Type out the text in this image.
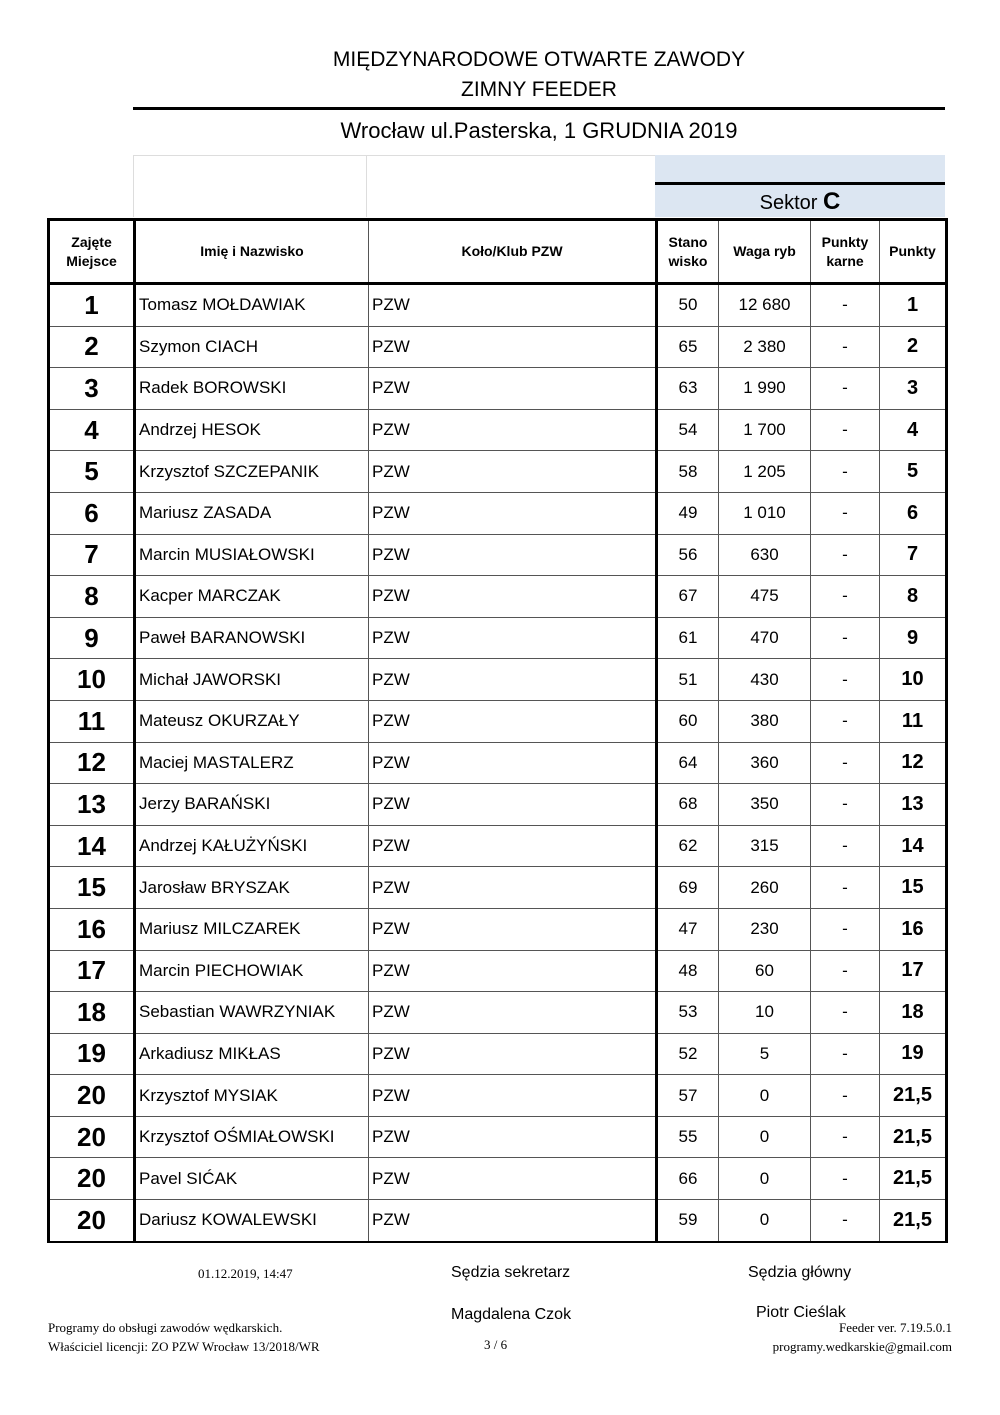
MIĘDZYNARODOWE OTWARTE ZAWODY
ZIMNY FEEDER
Wrocław ul.Pasterska, 1 GRUDNIA 2019
Sektor C
Zajęte Miejsce	Imię i Nazwisko	Koło/Klub PZW	Stano wisko	Waga ryb	Punkty karne	Punkty
1	Tomasz MOŁDAWIAK	PZW	50	12 680	-	1
2	Szymon CIACH	PZW	65	2 380	-	2
3	Radek BOROWSKI	PZW	63	1 990	-	3
4	Andrzej HESOK	PZW	54	1 700	-	4
5	Krzysztof SZCZEPANIK	PZW	58	1 205	-	5
6	Mariusz ZASADA	PZW	49	1 010	-	6
7	Marcin MUSIAŁOWSKI	PZW	56	630	-	7
8	Kacper MARCZAK	PZW	67	475	-	8
9	Paweł BARANOWSKI	PZW	61	470	-	9
10	Michał JAWORSKI	PZW	51	430	-	10
11	Mateusz OKURZAŁY	PZW	60	380	-	11
12	Maciej MASTALERZ	PZW	64	360	-	12
13	Jerzy BARAŃSKI	PZW	68	350	-	13
14	Andrzej KAŁUŻYŃSKI	PZW	62	315	-	14
15	Jarosław BRYSZAK	PZW	69	260	-	15
16	Mariusz MILCZAREK	PZW	47	230	-	16
17	Marcin PIECHOWIAK	PZW	48	60	-	17
18	Sebastian WAWRZYNIAK	PZW	53	10	-	18
19	Arkadiusz MIKŁAS	PZW	52	5	-	19
20	Krzysztof MYSIAK	PZW	57	0	-	21,5
20	Krzysztof OŚMIAŁOWSKI	PZW	55	0	-	21,5
20	Pavel SIĆAK	PZW	66	0	-	21,5
20	Dariusz KOWALEWSKI	PZW	59	0	-	21,5
01.12.2019, 14:47	Sędzia sekretarz
Magdalena Czok
Sędzia główny
Piotr Cieślak
Programy do obsługi zawodów wędkarskich.
Właściciel licencji: ZO PZW Wrocław 13/2018/WR	3 / 6
Feeder ver. 7.19.5.0.1
programy.wedkarskie@gmail.com
